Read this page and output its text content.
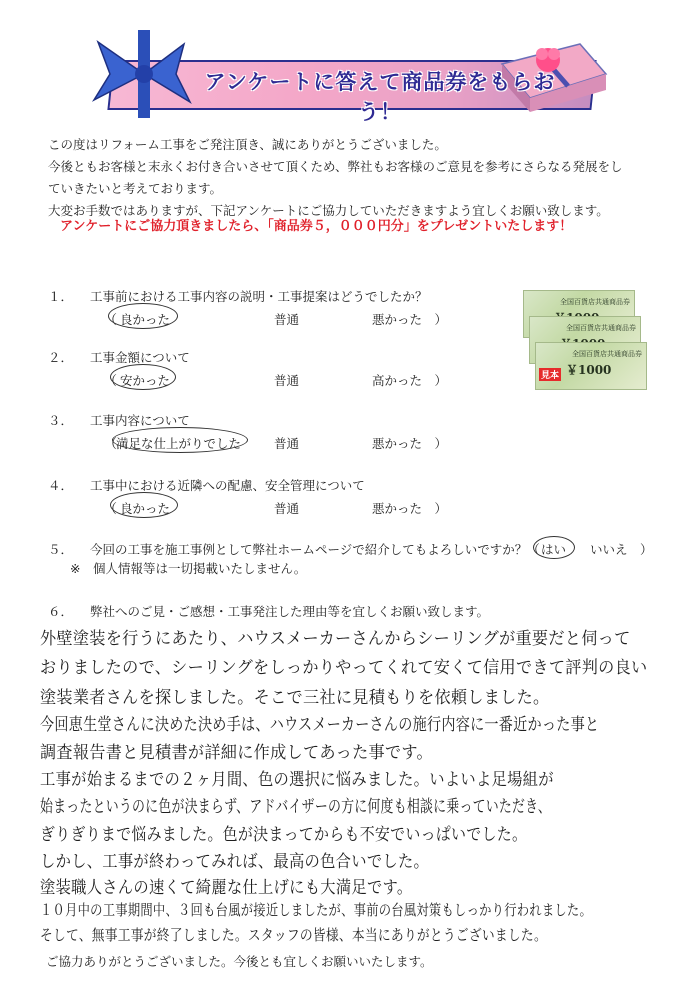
アンケートに答えて商品券をもらおう！

この度はリフォーム工事をご発注頂き、誠にありがとうございました。

今後ともお客様と末永くお付き合いさせて頂くため、弊社もお客様のご意見を参考にさらなる発展をし

ていきたいと考えております。

大変お手数ではありますが、下記アンケートにご協力していただきますよう宜しくお願い致します。

アンケートにご協力頂きましたら、「商品券５，０００円分」をプレゼントいたします！
全国百貨店共通商品券
全国百貨店共通商品券
全国百貨店共通商品券
￥1000
見本
１．	工事前における工事内容の説明・工事提案はどうでしたか？
（ 良かった	普通	悪かった　）
２．	工事金額について
（ 安かった	普通	高かった　）
３．	工事内容について
（
満足な仕上がりでした	普通	悪かった　）
４．	工事中における近隣への配慮、安全管理について
（ 良かった	普通	悪かった　）
５．	今回の工事を施工事例として弊社ホームページで紹介してもよろしいですか？（ はい いいえ　）
※　個人情報等は一切掲載いたしません。
６．	弊社へのご見・ご感想・工事発注した理由等を宜しくお願い致します。
外壁塗装を行うにあたり、ハウスメーカーさんからシーリングが重要だと伺って
おりましたので、シーリングをしっかりやってくれて安くて信用できて評判の良い
塗装業者さんを探しました。そこで三社に見積もりを依頼しました。
今回恵生堂さんに決めた決め手は、ハウスメーカーさんの施行内容に一番近かった事と
調査報告書と見積書が詳細に作成してあった事です。
工事が始まるまでの２ヶ月間、色の選択に悩みました。いよいよ足場組が
始まったというのに色が決まらず、アドバイザーの方に何度も相談に乗っていただき、
ぎりぎりまで悩みました。色が決まってからも不安でいっぱいでした。
しかし、工事が終わってみれば、最高の色合いでした。
塗装職人さんの速くて綺麗な仕上げにも大満足です。
１０月中の工事期間中、３回も台風が接近しましたが、事前の台風対策もしっかり行われました。
そして、無事工事が終了しました。スタッフの皆様、本当にありがとうございました。
ご協力ありがとうございました。今後とも宜しくお願いいたします。
